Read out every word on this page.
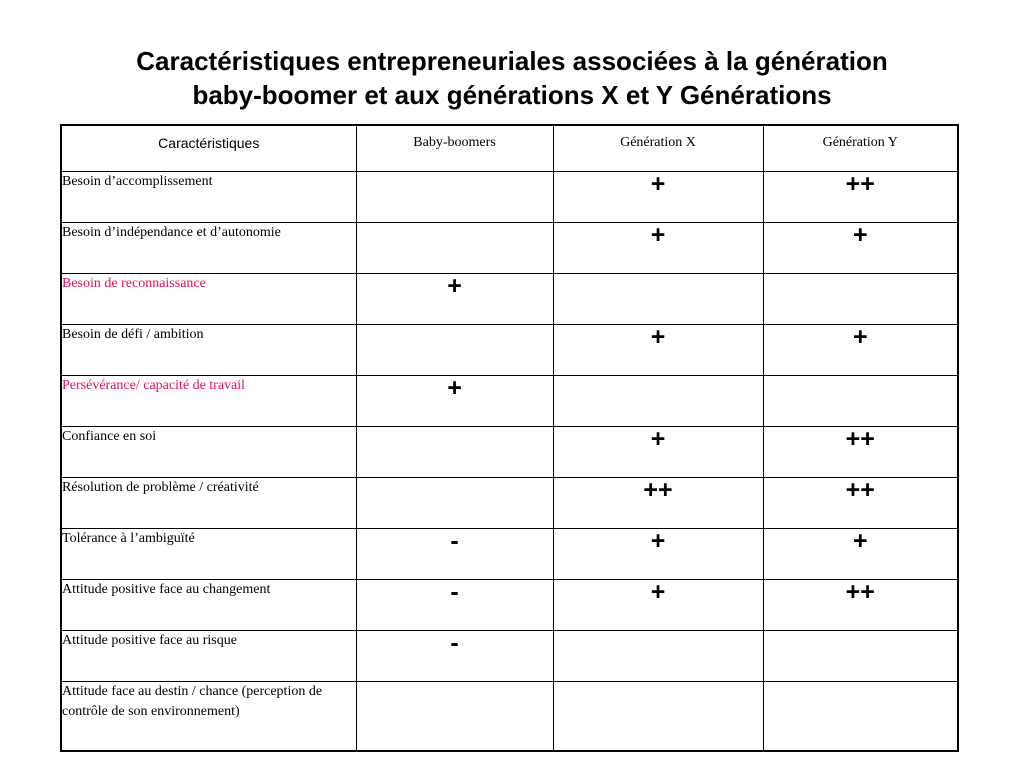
Caractéristiques entrepreneuriales associées à la génération
baby-boomer et aux générations X et Y Générations
Caractéristiques	Baby-boomers	Génération X	Génération Y
Besoin d’accomplissement		+	++
Besoin d’indépendance et d’autonomie		+	+
Besoin de reconnaissance	+		
Besoin de défi / ambition		+	+
Persévérance/ capacité de travail	+		
Confiance en soi		+	++
Résolution de problème / créativité		++	++
Tolérance à l’ambiguïté	-	+	+
Attitude positive face au changement	-	+	++
Attitude positive face au risque	-		
Attitude face au destin / chance (perception de contrôle de son environnement)			
